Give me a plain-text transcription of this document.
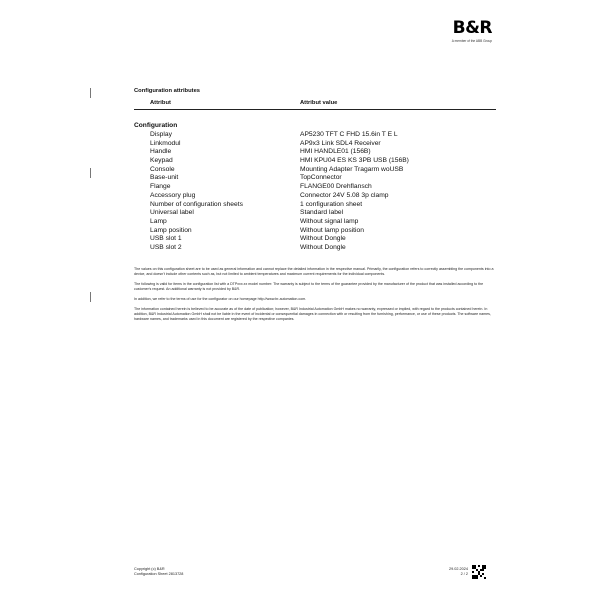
B&R
A member of the ABB Group
Configuration attributes
Attribut	Attribut value
Configuration
Display	AP5230 TFT C FHD 15.6in T E L
Linkmodul	AP9x3 Link SDL4 Receiver
Handle	HMI HANDLE01 (156B)
Keypad	HMI KPU04 ES KS 3PB USB (156B)
Console	Mounting Adapter Tragarm woUSB
Base-unit	TopConnector
Flange	FLANGE00 Drehflansch
Accessory plug	Connector 24V 5.08 3p clamp
Number of configuration sheets	1 configuration sheet
Universal label	Standard label
Lamp	Without signal lamp
Lamp position	Without lamp position
USB slot 1	Without Dongle
USB slot 2	Without Dongle

The values on this configuration sheet are to be used as general information and cannot replace the detailed information in the respective manual. Primarily, the configuration refers to correctly assembling the components into a device, and doesn't include other contents such as, but not limited to ambient temperatures and maximum current requirements for the individual components.

The following is valid for items in the configuration list with a DTPxxx.xx model number: The warranty is subject to the terms of the guarantee provided by the manufacturer of the product that was installed according to the customer's request. An additional warranty is not provided by B&R.

In addition, we refer to the terms of use for the configurator on our homepage http://www.br-automation.com.

The information contained herein is believed to be accurate as of the date of publication; however, B&R Industrial Automation GmbH makes no warranty, expressed or implied, with regard to the products contained herein. In addition, B&R Industrial Automation GmbH shall not be liable in the event of incidental or consequential damages in connection with or resulting from the furnishing, performance, or use of these products. The software names, hardware names, and trademarks used in this document are registered by the respective companies.

Copyright (c) B&R
Configuration Sheet 2813728
29.02.2024
2 / 2
